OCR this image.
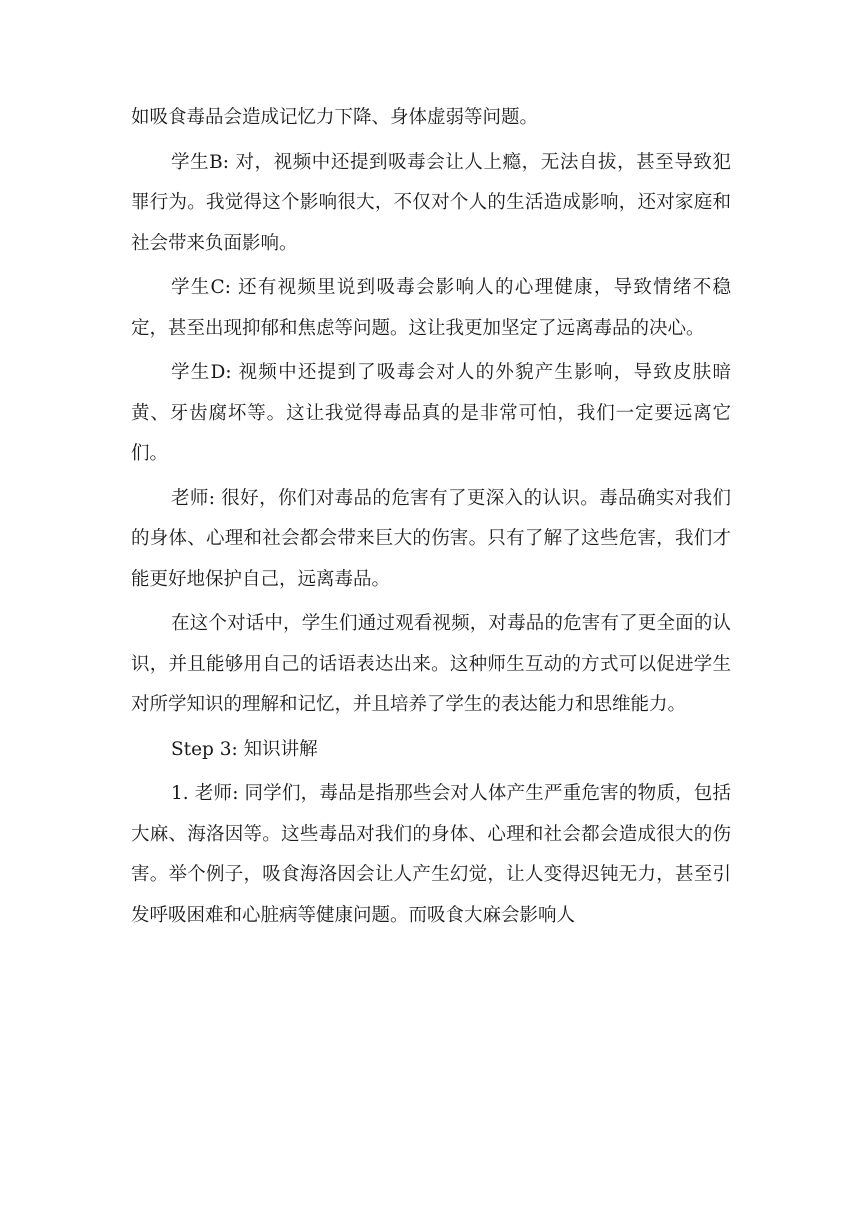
如吸食毒品会造成记忆力下降、身体虚弱等问题。

学生B: 对，视频中还提到吸毒会让人上瘾，无法自拔，甚至导致犯罪行为。我觉得这个影响很大，不仅对个人的生活造成影响，还对家庭和社会带来负面影响。

学生C: 还有视频里说到吸毒会影响人的心理健康，导致情绪不稳定，甚至出现抑郁和焦虑等问题。这让我更加坚定了远离毒品的决心。

学生D: 视频中还提到了吸毒会对人的外貌产生影响，导致皮肤暗黄、牙齿腐坏等。这让我觉得毒品真的是非常可怕，我们一定要远离它们。

老师: 很好，你们对毒品的危害有了更深入的认识。毒品确实对我们的身体、心理和社会都会带来巨大的伤害。只有了解了这些危害，我们才能更好地保护自己，远离毒品。

在这个对话中，学生们通过观看视频，对毒品的危害有了更全面的认识，并且能够用自己的话语表达出来。这种师生互动的方式可以促进学生对所学知识的理解和记忆，并且培养了学生的表达能力和思维能力。

Step 3: 知识讲解

1. 老师: 同学们，毒品是指那些会对人体产生严重危害的物质，包括大麻、海洛因等。这些毒品对我们的身体、心理和社会都会造成很大的伤害。举个例子，吸食海洛因会让人产生幻觉，让人变得迟钝无力，甚至引发呼吸困难和心脏病等健康问题。而吸食大麻会影响人
